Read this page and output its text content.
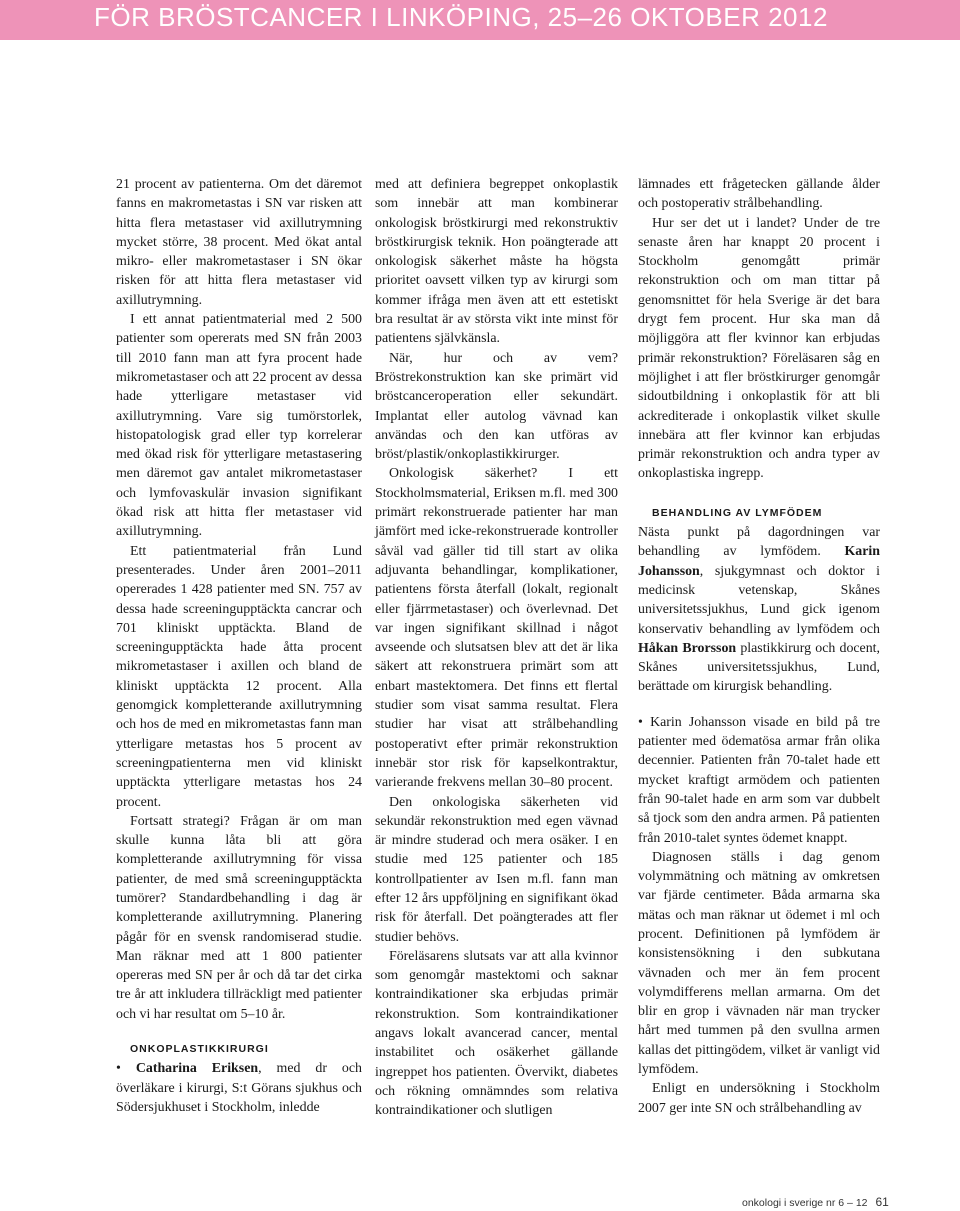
FÖR BRÖSTCANCER I LINKÖPING, 25–26 OKTOBER 2012

21 procent av patienterna. Om det däremot fanns en makrometastas i SN var risken att hitta flera metastaser vid axillutrymning mycket större, 38 procent. Med ökat antal mikro- eller makrometastaser i SN ökar risken för att hitta flera metastaser vid axillutrymning.

I ett annat patientmaterial med 2 500 patienter som opererats med SN från 2003 till 2010 fann man att fyra procent hade mikrometastaser och att 22 procent av dessa hade ytterligare metastaser vid axillutrymning. Vare sig tumörstorlek, histopatologisk grad eller typ korrelerar med ökad risk för ytterligare metastasering men däremot gav antalet mikrometastaser och lymfovaskulär invasion signifikant ökad risk att hitta fler metastaser vid axillutrymning.

Ett patientmaterial från Lund presenterades. Under åren 2001–2011 opererades 1 428 patienter med SN. 757 av dessa hade screeningupptäckta cancrar och 701 kliniskt upptäckta. Bland de screeningupptäckta hade åtta procent mikrometastaser i axillen och bland de kliniskt upptäckta 12 procent. Alla genomgick kompletterande axillutrymning och hos de med en mikrometastas fann man ytterligare metastas hos 5 procent av screeningpatienterna men vid kliniskt upptäckta ytterligare metastas hos 24 procent.

Fortsatt strategi? Frågan är om man skulle kunna låta bli att göra kompletterande axillutrymning för vissa patienter, de med små screeningupptäckta tumörer? Standardbehandling i dag är kompletterande axillutrymning. Planering pågår för en svensk randomiserad studie. Man räknar med att 1 800 patienter opereras med SN per år och då tar det cirka tre år att inkludera tillräckligt med patienter och vi har resultat om 5–10 år.

ONKOPLASTIKKIRURGI

• Catharina Eriksen, med dr och överläkare i kirurgi, S:t Görans sjukhus och Södersjukhuset i Stockholm, inledde

med att definiera begreppet onkoplastik som innebär att man kombinerar onkologisk bröstkirurgi med rekonstruktiv bröstkirurgisk teknik. Hon poängterade att onkologisk säkerhet måste ha högsta prioritet oavsett vilken typ av kirurgi som kommer ifråga men även att ett estetiskt bra resultat är av största vikt inte minst för patientens självkänsla.

När, hur och av vem? Bröstrekonstruktion kan ske primärt vid bröstcanceroperation eller sekundärt. Implantat eller autolog vävnad kan användas och den kan utföras av bröst/plastik/onkoplastikkirurger.

Onkologisk säkerhet? I ett Stockholmsmaterial, Eriksen m.fl. med 300 primärt rekonstruerade patienter har man jämfört med icke-rekonstruerade kontroller såväl vad gäller tid till start av olika adjuvanta behandlingar, komplikationer, patientens första återfall (lokalt, regionalt eller fjärrmetastaser) och överlevnad. Det var ingen signifikant skillnad i något avseende och slutsatsen blev att det är lika säkert att rekonstruera primärt som att enbart mastektomera. Det finns ett flertal studier som visat samma resultat. Flera studier har visat att strålbehandling postoperativt efter primär rekonstruktion innebär stor risk för kapselkontraktur, varierande frekvens mellan 30–80 procent.

Den onkologiska säkerheten vid sekundär rekonstruktion med egen vävnad är mindre studerad och mera osäker. I en studie med 125 patienter och 185 kontrollpatienter av Isen m.fl. fann man efter 12 års uppföljning en signifikant ökad risk för återfall. Det poängterades att fler studier behövs.

Föreläsarens slutsats var att alla kvinnor som genomgår mastektomi och saknar kontraindikationer ska erbjudas primär rekonstruktion. Som kontraindikationer angavs lokalt avancerad cancer, mental instabilitet och osäkerhet gällande ingreppet hos patienten. Övervikt, diabetes och rökning omnämndes som relativa kontraindikationer och slutligen

lämnades ett frågetecken gällande ålder och postoperativ strålbehandling.

Hur ser det ut i landet? Under de tre senaste åren har knappt 20 procent i Stockholm genomgått primär rekonstruktion och om man tittar på genomsnittet för hela Sverige är det bara drygt fem procent. Hur ska man då möjliggöra att fler kvinnor kan erbjudas primär rekonstruktion? Föreläsaren såg en möjlighet i att fler bröstkirurger genomgår sidoutbildning i onkoplastik för att bli ackrediterade i onkoplastik vilket skulle innebära att fler kvinnor kan erbjudas primär rekonstruktion och andra typer av onkoplastiska ingrepp.

BEHANDLING AV LYMFÖDEM

Nästa punkt på dagordningen var behandling av lymfödem. Karin Johansson, sjukgymnast och doktor i medicinsk vetenskap, Skånes universitetssjukhus, Lund gick igenom konservativ behandling av lymfödem och Håkan Brorsson plastikkirurg och docent, Skånes universitetssjukhus, Lund, berättade om kirurgisk behandling.

• Karin Johansson visade en bild på tre patienter med ödematösa armar från olika decennier. Patienten från 70-talet hade ett mycket kraftigt armödem och patienten från 90-talet hade en arm som var dubbelt så tjock som den andra armen. På patienten från 2010-talet syntes ödemet knappt.

Diagnosen ställs i dag genom volymmätning och mätning av omkretsen var fjärde centimeter. Båda armarna ska mätas och man räknar ut ödemet i ml och procent. Definitionen på lymfödem är konsistensökning i den subkutana vävnaden och mer än fem procent volymdifferens mellan armarna. Om det blir en grop i vävnaden när man trycker hårt med tummen på den svullna armen kallas det pittingödem, vilket är vanligt vid lymfödem.

Enligt en undersökning i Stockholm 2007 ger inte SN och strålbehandling av

onkologi i sverige nr 6 – 12 61
